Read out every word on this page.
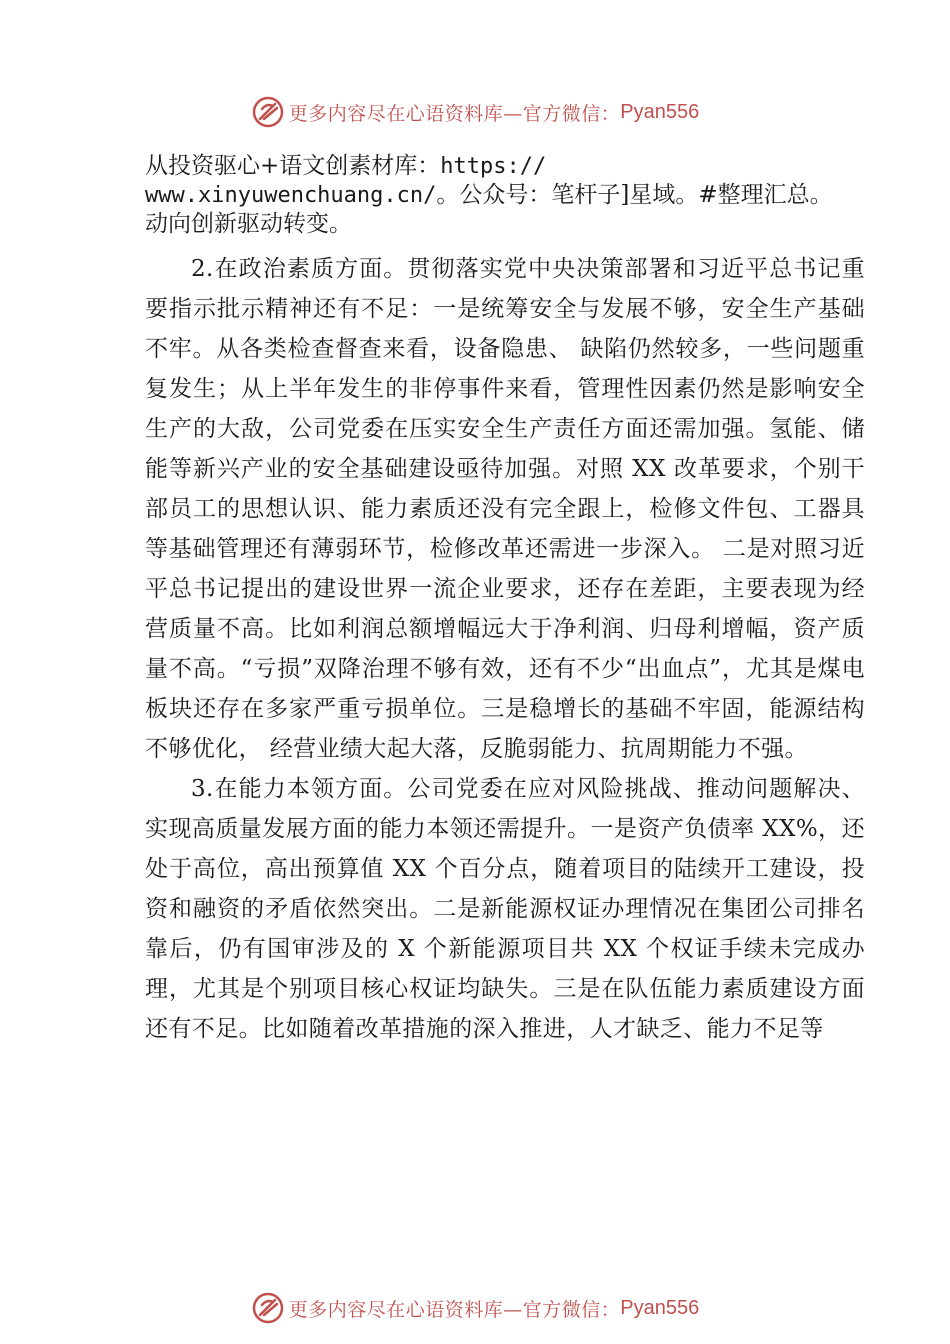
更多内容尽在心语资料库—官方微信： Pyan556
从投资驱心+语文创素材库：https://
www.xinyuwenchuang.cn/。公众号：笔杆子]星域。#整理汇总。
动向创新驱动转变。

2.在政治素质方面。贯彻落实党中央决策部署和习近平总书记重要指示批示精神还有不足：一是统筹安全与发展不够，安全生产基础不牢。从各类检查督查来看，设备隐患、 缺陷仍然较多，一些问题重复发生；从上半年发生的非停事件来看，管理性因素仍然是影响安全生产的大敌，公司党委在压实安全生产责任方面还需加强。氢能、储能等新兴产业的安全基础建设亟待加强。对照 XX 改革要求，个别干部员工的思想认识、能力素质还没有完全跟上，检修文件包、工器具等基础管理还有薄弱环节，检修改革还需进一步深入。 二是对照习近平总书记提出的建设世界一流企业要求，还存在差距，主要表现为经营质量不高。比如利润总额增幅远大于净利润、归母利增幅，资产质量不高。“亏损”双降治理不够有效，还有不少“出血点”，尤其是煤电板块还存在多家严重亏损单位。三是稳增长的基础不牢固，能源结构不够优化， 经营业绩大起大落，反脆弱能力、抗周期能力不强。

3.在能力本领方面。公司党委在应对风险挑战、推动问题解决、实现高质量发展方面的能力本领还需提升。一是资产负债率 XX%，还处于高位，高出预算值 XX 个百分点，随着项目的陆续开工建设，投资和融资的矛盾依然突出。二是新能源权证办理情况在集团公司排名靠后，仍有国审涉及的 X 个新能源项目共 XX 个权证手续未完成办理，尤其是个别项目核心权证均缺失。三是在队伍能力素质建设方面还有不足。比如随着改革措施的深入推进，人才缺乏、能力不足等

更多内容尽在心语资料库—官方微信： Pyan556
